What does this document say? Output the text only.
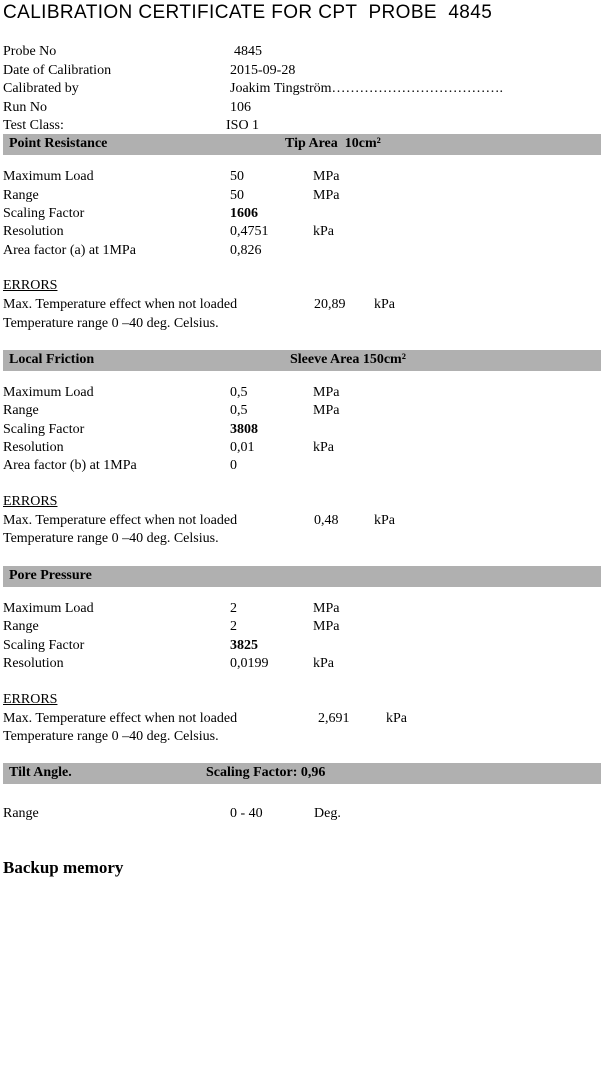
CALIBRATION CERTIFICATE FOR CPT  PROBE  4845
Probe No	4845
Date of Calibration	2015-09-28
Calibrated by	Joakim Tingström……………………………….
Run No	106
Test Class:	ISO 1
Point Resistance	Tip Area  10cm²
Maximum Load	50	MPa
Range	50	MPa
Scaling Factor	1606
Resolution	0,4751	kPa
Area factor (a) at 1MPa	0,826
ERRORS
Max. Temperature effect when not loaded	20,89 kPa
Temperature range 0 –40 deg. Celsius.
Local Friction	Sleeve Area 150cm²
Maximum Load	0,5	MPa
Range	0,5	MPa
Scaling Factor	3808
Resolution	0,01	kPa
Area factor (b) at 1MPa	0
ERRORS
Max. Temperature effect when not loaded	0,48	kPa
Temperature range 0 –40 deg. Celsius.
Pore Pressure
Maximum Load	2	MPa
Range	2	MPa
Scaling Factor	3825
Resolution	0,0199	kPa
ERRORS
Max. Temperature effect when not loaded	2,691	kPa
Temperature range 0 –40 deg. Celsius.
Tilt Angle.	Scaling Factor: 0,96
Range	0 - 40	Deg.
Backup memory
